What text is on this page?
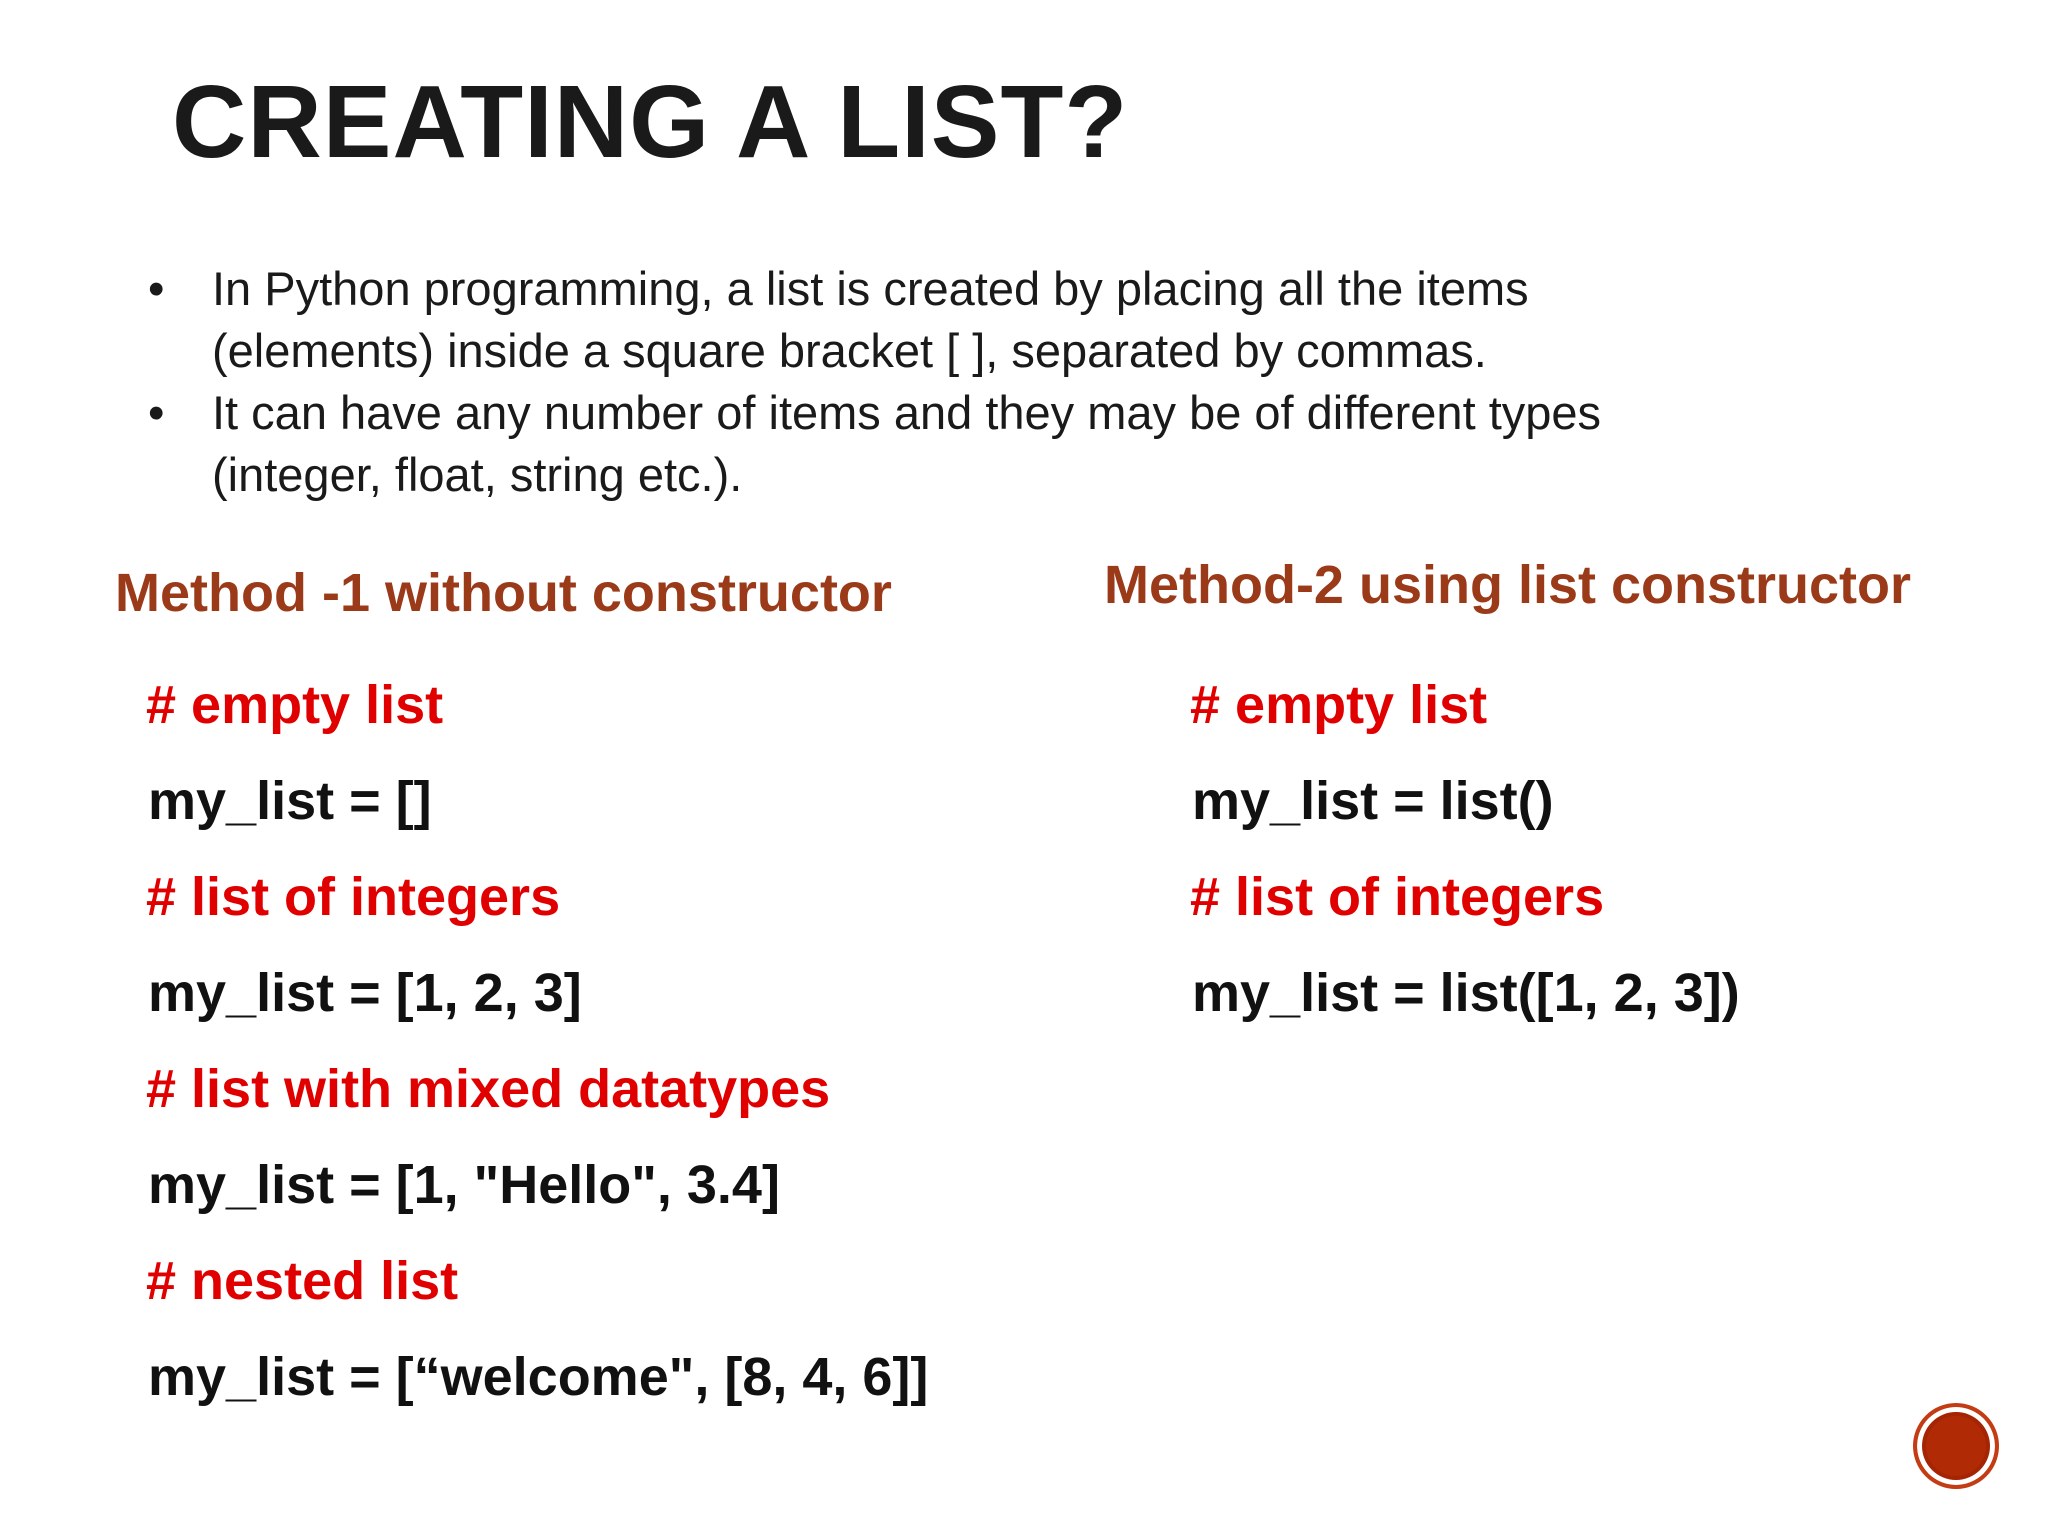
CREATING A LIST?
• In Python programming, a list is created by placing all the items
(elements) inside a square bracket [ ], separated by commas.
• It can have any number of items and they may be of different types
(integer, float, string etc.).
Method -1 without constructor	Method-2 using list constructor

# empty list

my_list = []

# list of integers

my_list = [1, 2, 3]

# list with mixed datatypes

my_list = [1, "Hello", 3.4]

# nested list

my_list = [“welcome", [8, 4, 6]]

# empty list

my_list = list()

# list of integers

my_list = list([1, 2, 3])
